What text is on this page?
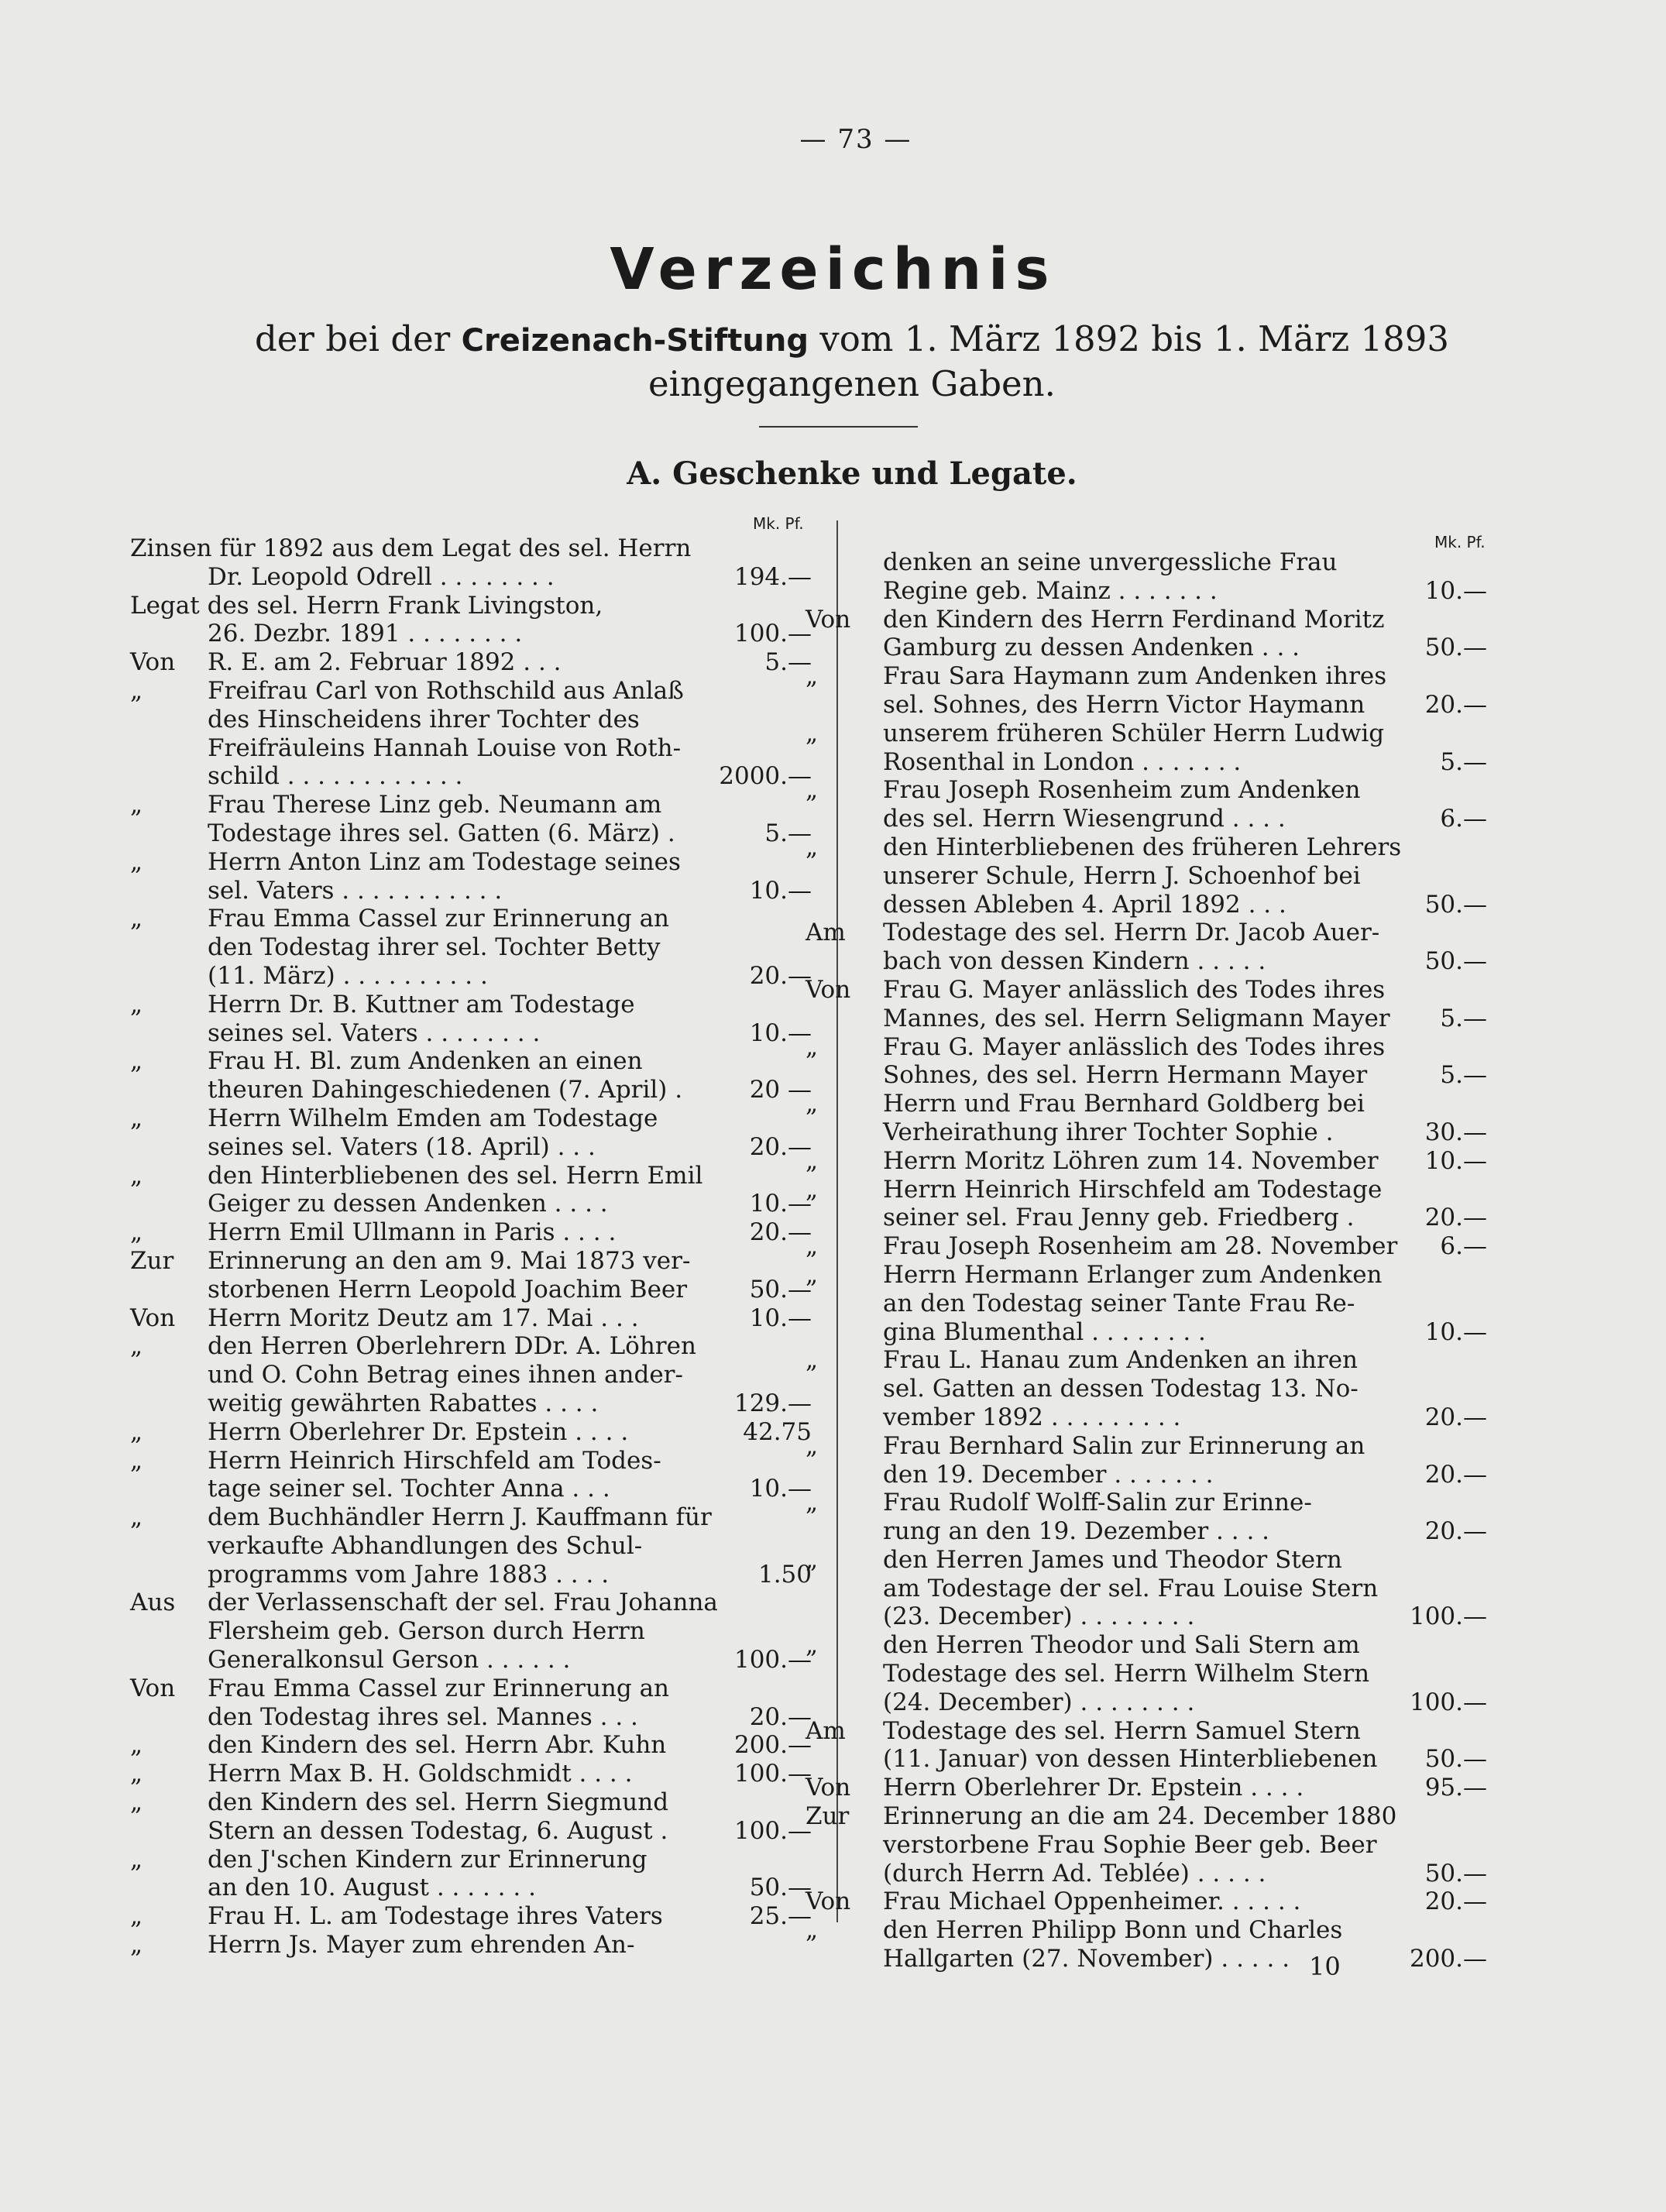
— 73 —
Verzeichnis
der bei der Creizenach-Stiftung vom 1. März 1892 bis 1. März 1893
eingegangenen Gaben.
A. Geschenke und Legate.
Mk. Pf.
Mk. Pf.
Zinsen für 1892 aus dem Legat des sel. Herrn
Dr. Leopold Odrell . . . . . . . .	194.—
Legat des sel. Herrn Frank Livingston,
26. Dezbr. 1891 . . . . . . . .	100.—
Von R. E. am 2. Februar 1892 . . .	5.—
„	Freifrau Carl von Rothschild aus Anlaß
des Hinscheidens ihrer Tochter des
Freifräuleins Hannah Louise von Roth-
schild . . . . . . . . . . . .	2000.—
„	Frau Therese Linz geb. Neumann am
Todestage ihres sel. Gatten (6. März) .	5.—
„	Herrn Anton Linz am Todestage seines
sel. Vaters . . . . . . . . . . .	10.—
„	Frau Emma Cassel zur Erinnerung an
den Todestag ihrer sel. Tochter Betty
(11. März) . . . . . . . . . .	20.—
„	Herrn Dr. B. Kuttner am Todestage
seines sel. Vaters . . . . . . . .	10.—
„	Frau H. Bl. zum Andenken an einen
theuren Dahingeschiedenen (7. April) .	20 —
„	Herrn Wilhelm Emden am Todestage
seines sel. Vaters (18. April) . . .	20.—
„	den Hinterbliebenen des sel. Herrn Emil
Geiger zu dessen Andenken . . . .	10.—
„	Herrn Emil Ullmann in Paris . . . .	20.—
Zur Erinnerung an den am 9. Mai 1873 ver-
storbenen Herrn Leopold Joachim Beer	50.—
Von Herrn Moritz Deutz am 17. Mai . . .	10.—
„	den Herren Oberlehrern DDr. A. Löhren
und O. Cohn Betrag eines ihnen ander-
weitig gewährten Rabattes . . . .	129.—
„	Herrn Oberlehrer Dr. Epstein . . . .	42.75
„	Herrn Heinrich Hirschfeld am Todes-
tage seiner sel. Tochter Anna . . .	10.—
„	dem Buchhändler Herrn J. Kauffmann für
verkaufte Abhandlungen des Schul-
programms vom Jahre 1883 . . . .	1.50
Aus der Verlassenschaft der sel. Frau Johanna
Flersheim geb. Gerson durch Herrn
Generalkonsul Gerson . . . . . .	100.—
Von Frau Emma Cassel zur Erinnerung an
den Todestag ihres sel. Mannes . . .	20.—
„	den Kindern des sel. Herrn Abr. Kuhn	200.—
„	Herrn Max B. H. Goldschmidt . . . .	100.—
„	den Kindern des sel. Herrn Siegmund
Stern an dessen Todestag, 6. August .	100.—
„	den J'schen Kindern zur Erinnerung
an den 10. August . . . . . . .	50.—
„	Frau H. L. am Todestage ihres Vaters	25.—
„	Herrn Js. Mayer zum ehrenden An-
denken an seine unvergessliche Frau
Regine geb. Mainz . . . . . . .	10.—
Von den Kindern des Herrn Ferdinand Moritz
Gamburg zu dessen Andenken . . .	50.—
„	Frau Sara Haymann zum Andenken ihres
sel. Sohnes, des Herrn Victor Haymann 20.—
„	unserem früheren Schüler Herrn Ludwig
Rosenthal in London . . . . . . .	5.—
„	Frau Joseph Rosenheim zum Andenken
des sel. Herrn Wiesengrund . . . .	6.—
„	den Hinterbliebenen des früheren Lehrers
unserer Schule, Herrn J. Schoenhof bei
dessen Ableben 4. April 1892 . . .	50.—
Am Todestage des sel. Herrn Dr. Jacob Auer-
bach von dessen Kindern . . . . .	50.—
Von Frau G. Mayer anlässlich des Todes ihres
Mannes, des sel. Herrn Seligmann Mayer 5.—
„	Frau G. Mayer anlässlich des Todes ihres
Sohnes, des sel. Herrn Hermann Mayer	5.—
„	Herrn und Frau Bernhard Goldberg bei
Verheirathung ihrer Tochter Sophie .	30.—
„	Herrn Moritz Löhren zum 14. November 10.—
„	Herrn Heinrich Hirschfeld am Todestage
seiner sel. Frau Jenny geb. Friedberg .	20.—
„	Frau Joseph Rosenheim am 28. November 6.—
„	Herrn Hermann Erlanger zum Andenken
an den Todestag seiner Tante Frau Re-
gina Blumenthal . . . . . . . .	10.—
„	Frau L. Hanau zum Andenken an ihren
sel. Gatten an dessen Todestag 13. No-
vember 1892 . . . . . . . . .	20.—
„	Frau Bernhard Salin zur Erinnerung an
den 19. December . . . . . . .	20.—
„	Frau Rudolf Wolff-Salin zur Erinne-
rung an den 19. Dezember . . . .	20.—
„	den Herren James und Theodor Stern
am Todestage der sel. Frau Louise Stern
(23. December) . . . . . . . .	100.—
„	den Herren Theodor und Sali Stern am
Todestage des sel. Herrn Wilhelm Stern
(24. December) . . . . . . . .	100.—
Am Todestage des sel. Herrn Samuel Stern
(11. Januar) von dessen Hinterbliebenen 50.—
Von Herrn Oberlehrer Dr. Epstein . . . .	95.—
Zur Erinnerung an die am 24. December 1880
verstorbene Frau Sophie Beer geb. Beer
(durch Herrn Ad. Teblée) . . . . .	50.—
Von Frau Michael Oppenheimer. . . . . .	20.—
„	den Herren Philipp Bonn und Charles
Hallgarten (27. November) . . . . .	200.—
10
